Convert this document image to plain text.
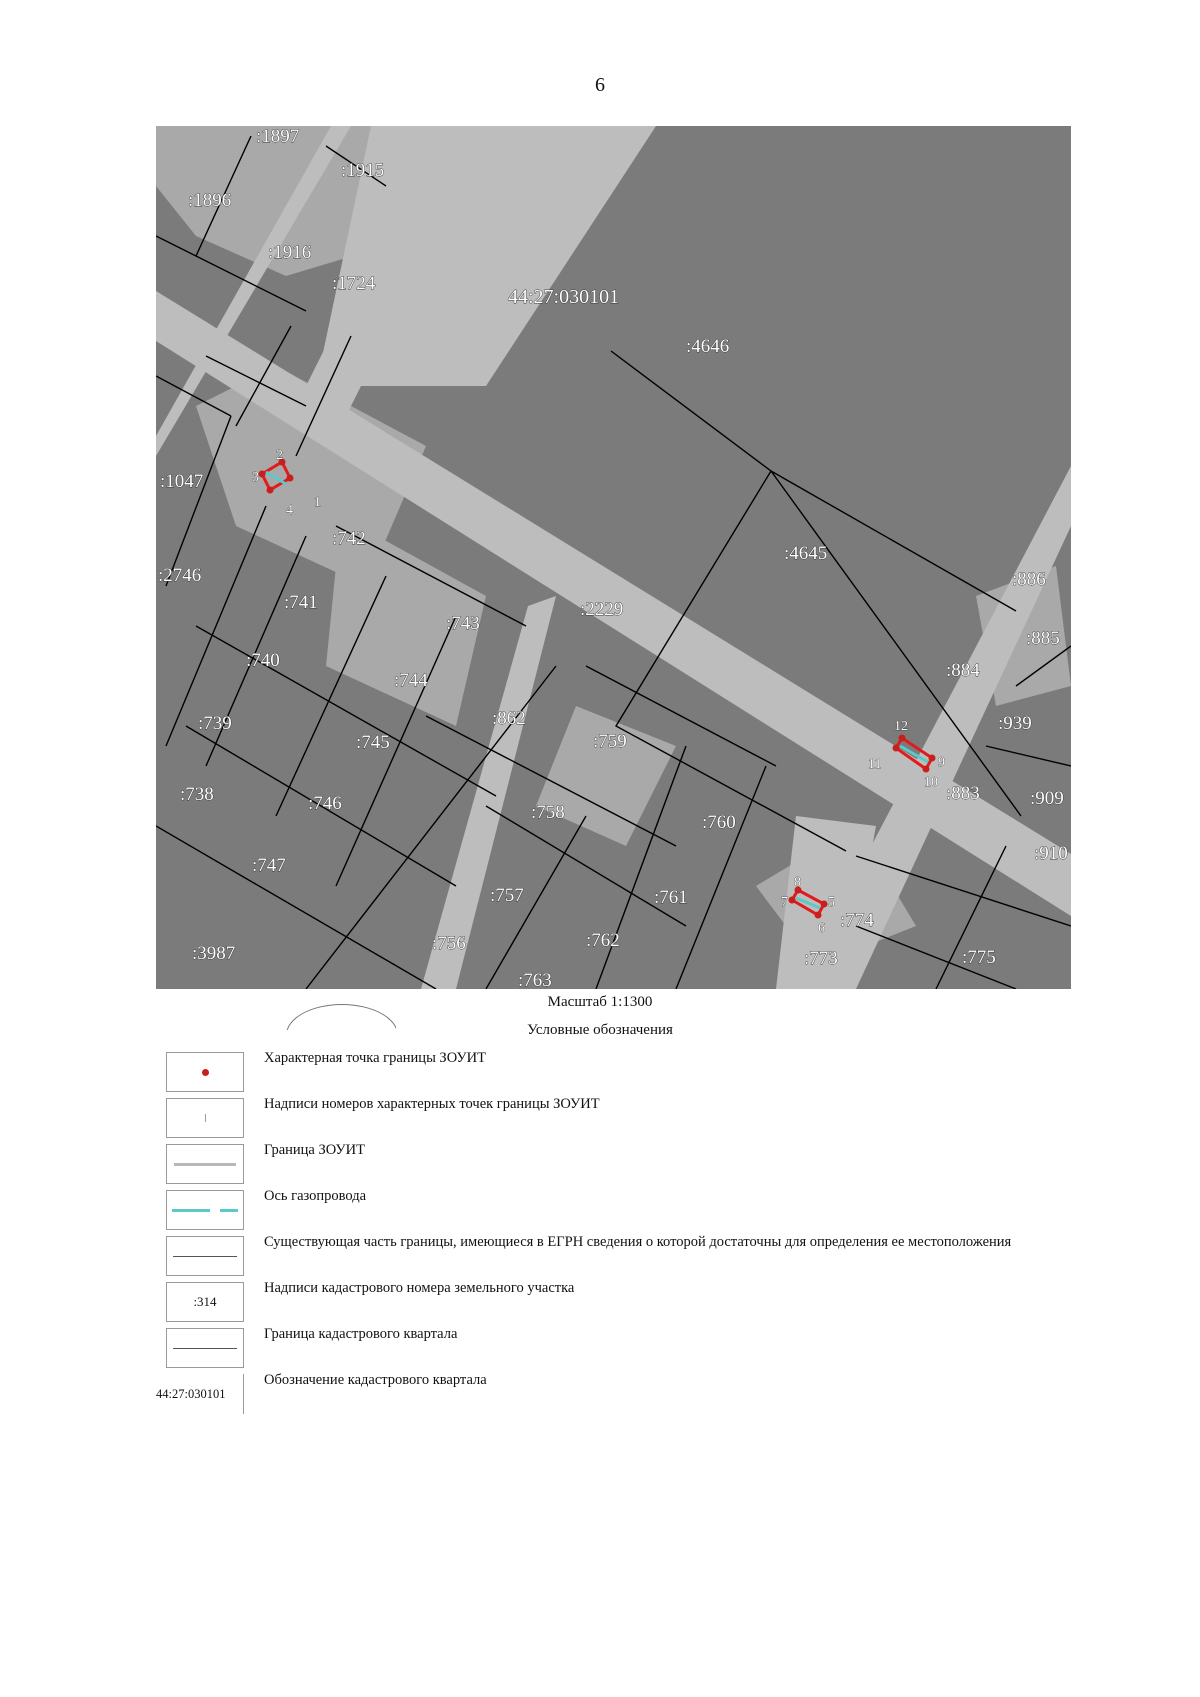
6
1
2
3
4
5
6
7
8
9
10
11
12
44:27:030101
:1897
:1915
:1896
:1916
:1724
:4646
:4645
:1047
:2746
:742
:741
:743
:740
:744
:739
:745
:738	:746
:747
:2229
:862
:759
:758	:760
:757	:761
:756	:762
:763
:3987
:886
:885
:884
:939
:883	:909
:910
:774
:773	:775
Масштаб 1:1300
Условные обозначения
Характерная точка границы ЗОУИТ
Надписи номеров характерных точек границы ЗОУИТ
Граница ЗОУИТ
Ось газопровода
Существующая часть границы, имеющиеся в ЕГРН сведения о которой достаточны для определения ее местоположения
:314
Надписи кадастрового номера земельного участка
Граница кадастрового квартала
44:27:030101
Обозначение кадастрового квартала
